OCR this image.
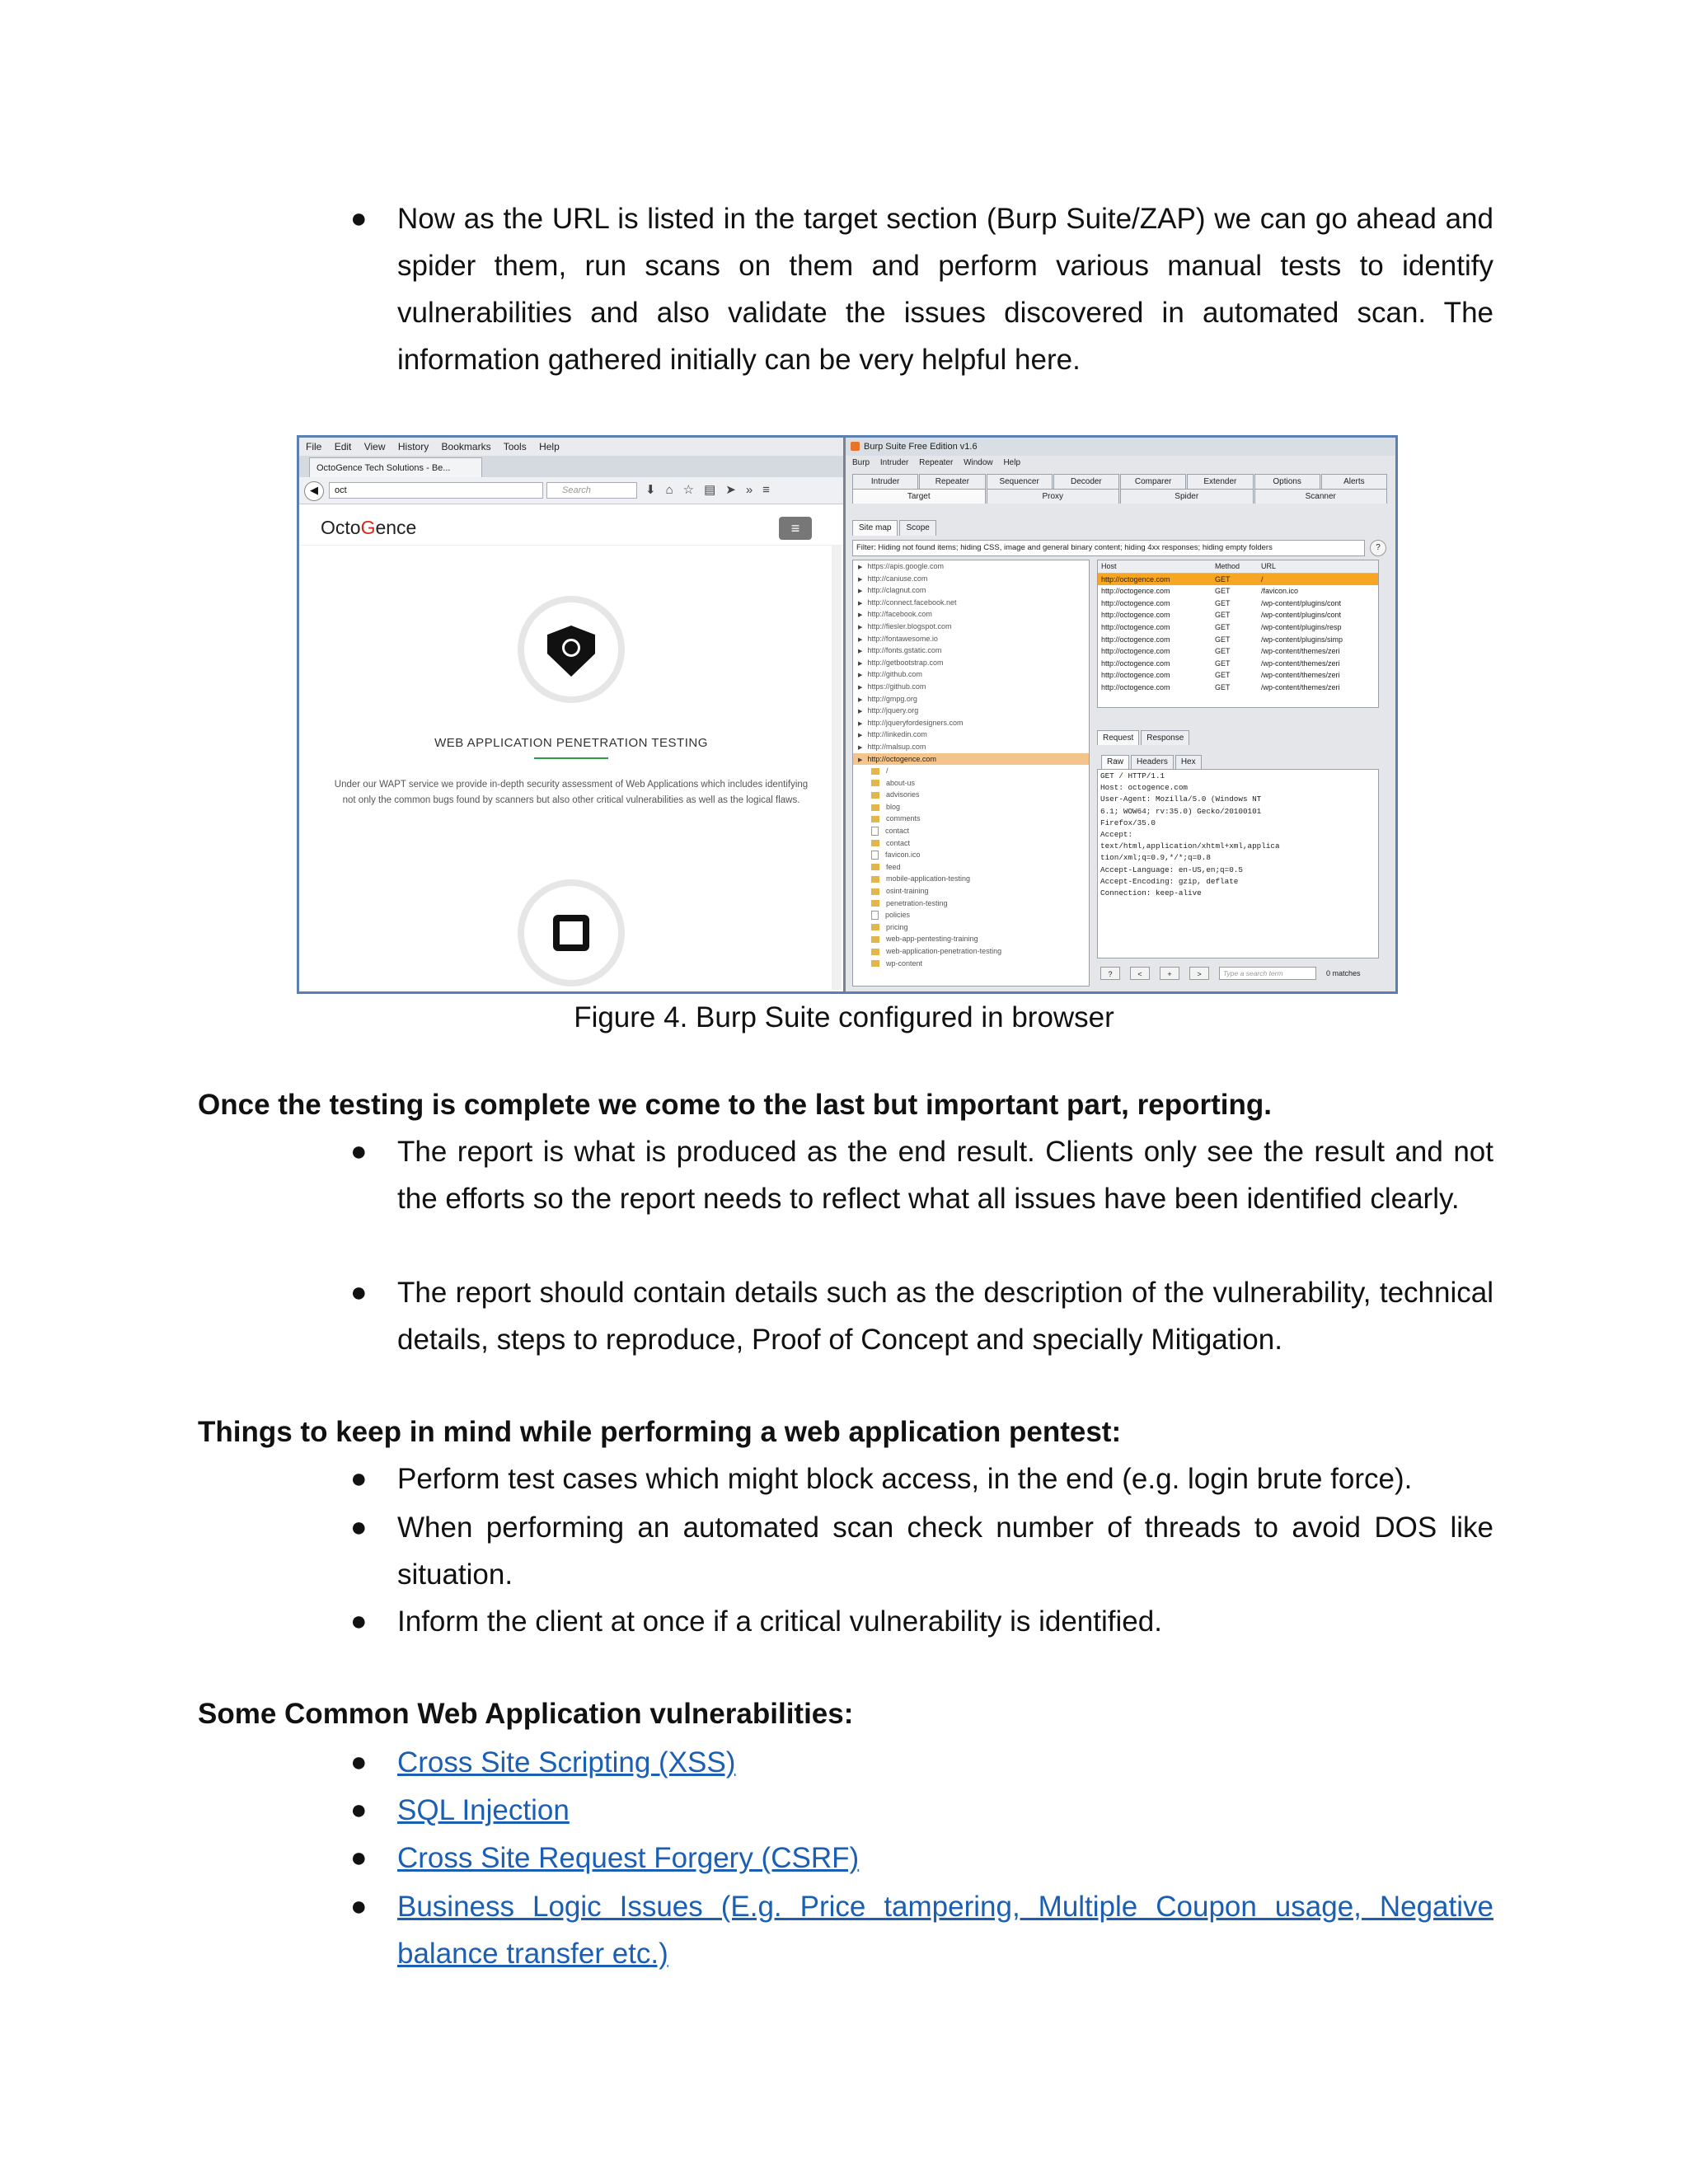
● Now as the URL is listed in the target section (Burp Suite/ZAP) we can go ahead and spider them, run scans on them and perform various manual tests to identify vulnerabilities and also validate the issues discovered in automated scan. The information gathered initially can be very helpful here.
File Edit View History Bookmarks Tools Help
OctoGence Tech Solutions - Be...
◀	oct	Search	⬇⌂☆▤➤»≡
OctoGence	≡
WEB APPLICATION PENETRATION TESTING
Under our WAPT service we provide in-depth security assessment of Web Applications which includes identifying not only the common bugs found by scanners but also other critical vulnerabilities as well as the logical flaws.
Burp Suite Free Edition v1.6
Burp Intruder Repeater Window Help
Intruder	Repeater	Sequencer	Decoder	Comparer	Extender	Options	Alerts
Target	Proxy	Spider	Scanner
Site map	Scope
Filter: Hiding not found items; hiding CSS, image and general binary content; hiding 4xx responses; hiding empty folders	?
▶ https://apis.google.com
▶ http://caniuse.com
▶ http://clagnut.com
▶ http://connect.facebook.net
▶ http://facebook.com
▶ http://fiesler.blogspot.com
▶ http://fontawesome.io
▶ http://fonts.gstatic.com
▶ http://getbootstrap.com
▶ http://github.com
▶ https://github.com
▶ http://gmpg.org
▶ http://jquery.org
▶ http://jqueryfordesigners.com
▶ http://linkedin.com
▶ http://malsup.com
▶ http://octogence.com
/
about-us
advisories
blog
comments
contact
contact
favicon.ico
feed
mobile-application-testing
osint-training
penetration-testing
policies
pricing
web-app-pentesting-training
web-application-penetration-testing
wp-content
Host	Method	URL
http://octogence.com	GET	/
http://octogence.com	GET	/favicon.ico
http://octogence.com	GET	/wp-content/plugins/cont
http://octogence.com	GET	/wp-content/plugins/cont
http://octogence.com	GET	/wp-content/plugins/resp
http://octogence.com	GET	/wp-content/plugins/simp
http://octogence.com	GET	/wp-content/themes/zeri
http://octogence.com	GET	/wp-content/themes/zeri
http://octogence.com	GET	/wp-content/themes/zeri
http://octogence.com	GET	/wp-content/themes/zeri
Request	Response
Raw	Headers	Hex
GET / HTTP/1.1
Host: octogence.com
User-Agent: Mozilla/5.0 (Windows NT
6.1; WOW64; rv:35.0) Gecko/20100101
Firefox/35.0
Accept:
text/html,application/xhtml+xml,applica
tion/xml;q=0.9,*/*;q=0.8
Accept-Language: en-US,en;q=0.5
Accept-Encoding: gzip, deflate
Connection: keep-alive
?	<	+	>	Type a search term	0 matches
Figure 4. Burp Suite configured in browser
Once the testing is complete we come to the last but important part, reporting.
● The report is what is produced as the end result. Clients only see the result and not the efforts so the report needs to reflect what all issues have been identified clearly.
● The report should contain details such as the description of the vulnerability, technical details, steps to reproduce, Proof of Concept and specially Mitigation.
Things to keep in mind while performing a web application pentest:
● Perform test cases which might block access, in the end (e.g. login brute force).
● When performing an automated scan check number of threads to avoid DOS like situation.
● Inform the client at once if a critical vulnerability is identified.
Some Common Web Application vulnerabilities:
● Cross Site Scripting (XSS)
● SQL Injection
● Cross Site Request Forgery (CSRF)
● Business Logic Issues (E.g. Price tampering, Multiple Coupon usage, Negative balance transfer etc.)
